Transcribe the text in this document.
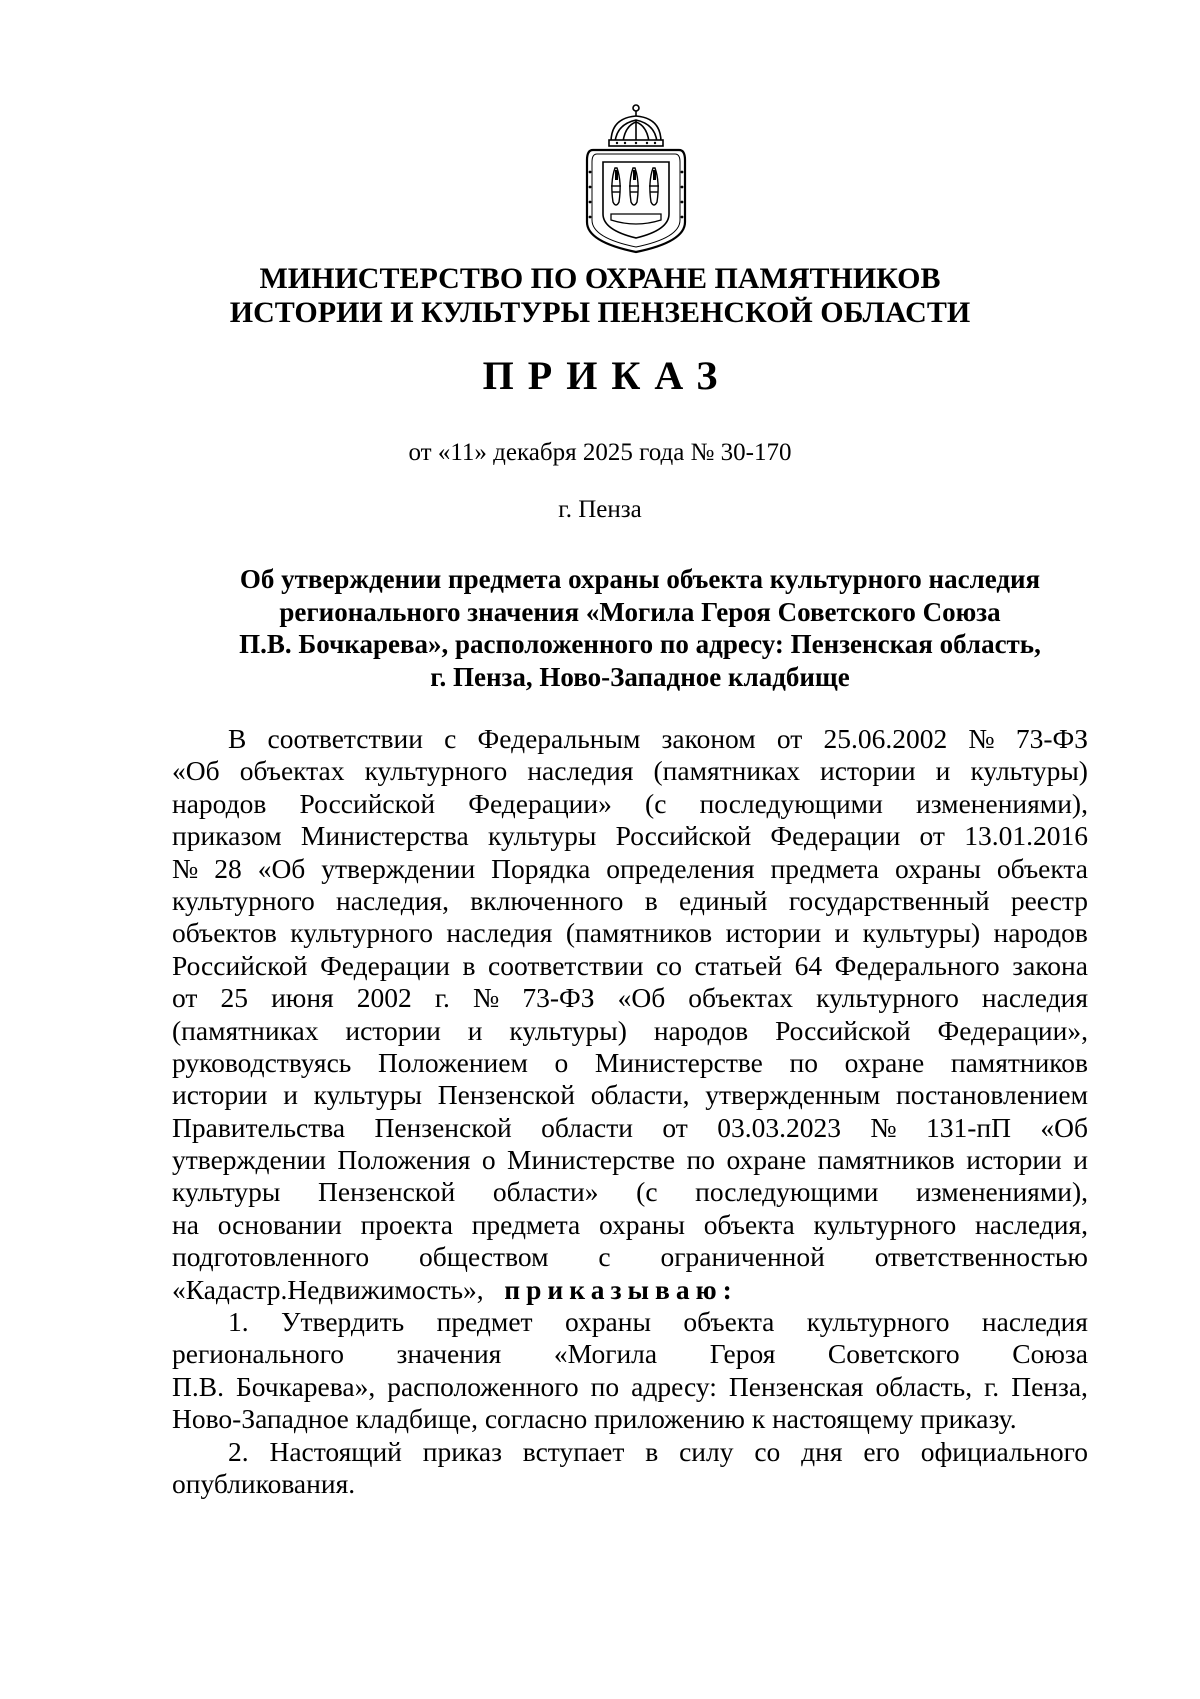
МИНИСТЕРСТВО ПО ОХРАНЕ ПАМЯТНИКОВ
ИСТОРИИ И КУЛЬТУРЫ ПЕНЗЕНСКОЙ ОБЛАСТИ
ПРИКАЗ
от «11» декабря 2025 года № 30-170
г. Пенза
Об утверждении предмета охраны объекта культурного наследия
регионального значения «Могила Героя Советского Союза
П.В. Бочкарева», расположенного по адресу: Пензенская область,
г. Пенза, Ново-Западное кладбище
В соответствии с Федеральным законом от 25.06.2002 № 73-ФЗ
«Об объектах культурного наследия (памятниках истории и культуры)
народов Российской Федерации» (с последующими изменениями),
приказом Министерства культуры Российской Федерации от 13.01.2016
№ 28 «Об утверждении Порядка определения предмета охраны объекта
культурного наследия, включенного в единый государственный реестр
объектов культурного наследия (памятников истории и культуры) народов
Российской Федерации в соответствии со статьей 64 Федерального закона
от 25 июня 2002 г. № 73-ФЗ «Об объектах культурного наследия
(памятниках истории и культуры) народов Российской Федерации»,
руководствуясь Положением о Министерстве по охране памятников
истории и культуры Пензенской области, утвержденным постановлением
Правительства Пензенской области от 03.03.2023 № 131-пП «Об
утверждении Положения о Министерстве по охране памятников истории и
культуры Пензенской области» (с последующими изменениями),
на основании проекта предмета охраны объекта культурного наследия,
подготовленного обществом с ограниченной ответственностью
«Кадастр.Недвижимость», приказываю:
1. Утвердить предмет охраны объекта культурного наследия
регионального значения «Могила Героя Советского Союза
П.В. Бочкарева», расположенного по адресу: Пензенская область, г. Пенза,
Ново-Западное кладбище, согласно приложению к настоящему приказу.
2. Настоящий приказ вступает в силу со дня его официального
опубликования.
